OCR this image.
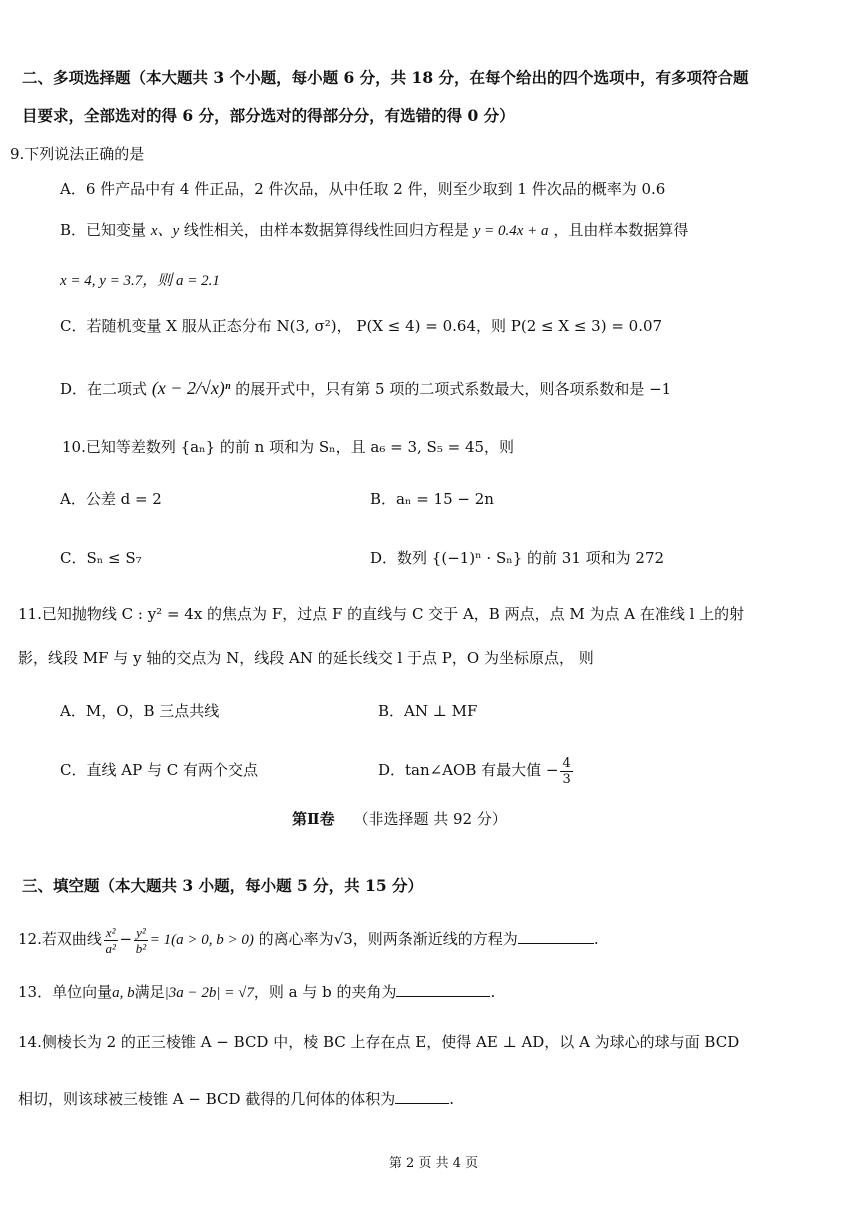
二、多项选择题（本大题共 3 个小题，每小题 6 分，共 18 分，在每个给出的四个选项中，有多项符合题
目要求，全部选对的得 6 分，部分选对的得部分分，有选错的得 0 分）
9.下列说法正确的是
A．6 件产品中有 4 件正品，2 件次品，从中任取 2 件，则至少取到 1 件次品的概率为 0.6
B．已知变量 x、y 线性相关，由样本数据算得线性回归方程是 y = 0.4x + a ，且由样本数据算得
x = 4, y = 3.7，则 a = 2.1
C．若随机变量 X 服从正态分布 N(3, σ²)， P(X ≤ 4) = 0.64，则 P(2 ≤ X ≤ 3) = 0.07
D．在二项式 (x − 2/√x)ⁿ 的展开式中，只有第 5 项的二项式系数最大，则各项系数和是 −1
10.已知等差数列 {aₙ} 的前 n 项和为 Sₙ，且 a₆ = 3, S₅ = 45，则
A．公差 d = 2	B．aₙ = 15 − 2n
C．Sₙ ≤ S₇	D．数列 {(−1)ⁿ · Sₙ} 的前 31 项和为 272
11.已知抛物线 C : y² = 4x 的焦点为 F，过点 F 的直线与 C 交于 A，B 两点，点 M 为点 A 在准线 l 上的射
影，线段 MF 与 y 轴的交点为 N，线段 AN 的延长线交 l 于点 P，O 为坐标原点， 则
A．M，O，B 三点共线	B．AN ⊥ MF
C．直线 AP 与 C 有两个交点	D．tan∠AOB 有最大值 − $\frac{4}{3}$
第Ⅱ卷 （非选择题 共 92 分）
三、填空题（本大题共 3 小题，每小题 5 分，共 15 分）
12.若双曲线 $\frac{\text{x²}}{\text{a²}} - \frac{\text{y²}}{\text{b²}} = 1(a > 0$, b > 0) 的离心率为√3，则两条渐近线的方程为	.
13．单位向量a, b满足|3a − 2b| = √7，则 a 与 b 的夹角为	.
14.侧棱长为 2 的正三棱锥 A − BCD 中，棱 BC 上存在点 E，使得 AE ⊥ AD，以 A 为球心的球与面 BCD
相切，则该球被三棱锥 A − BCD 截得的几何体的体积为	.
第 2 页 共 4 页
